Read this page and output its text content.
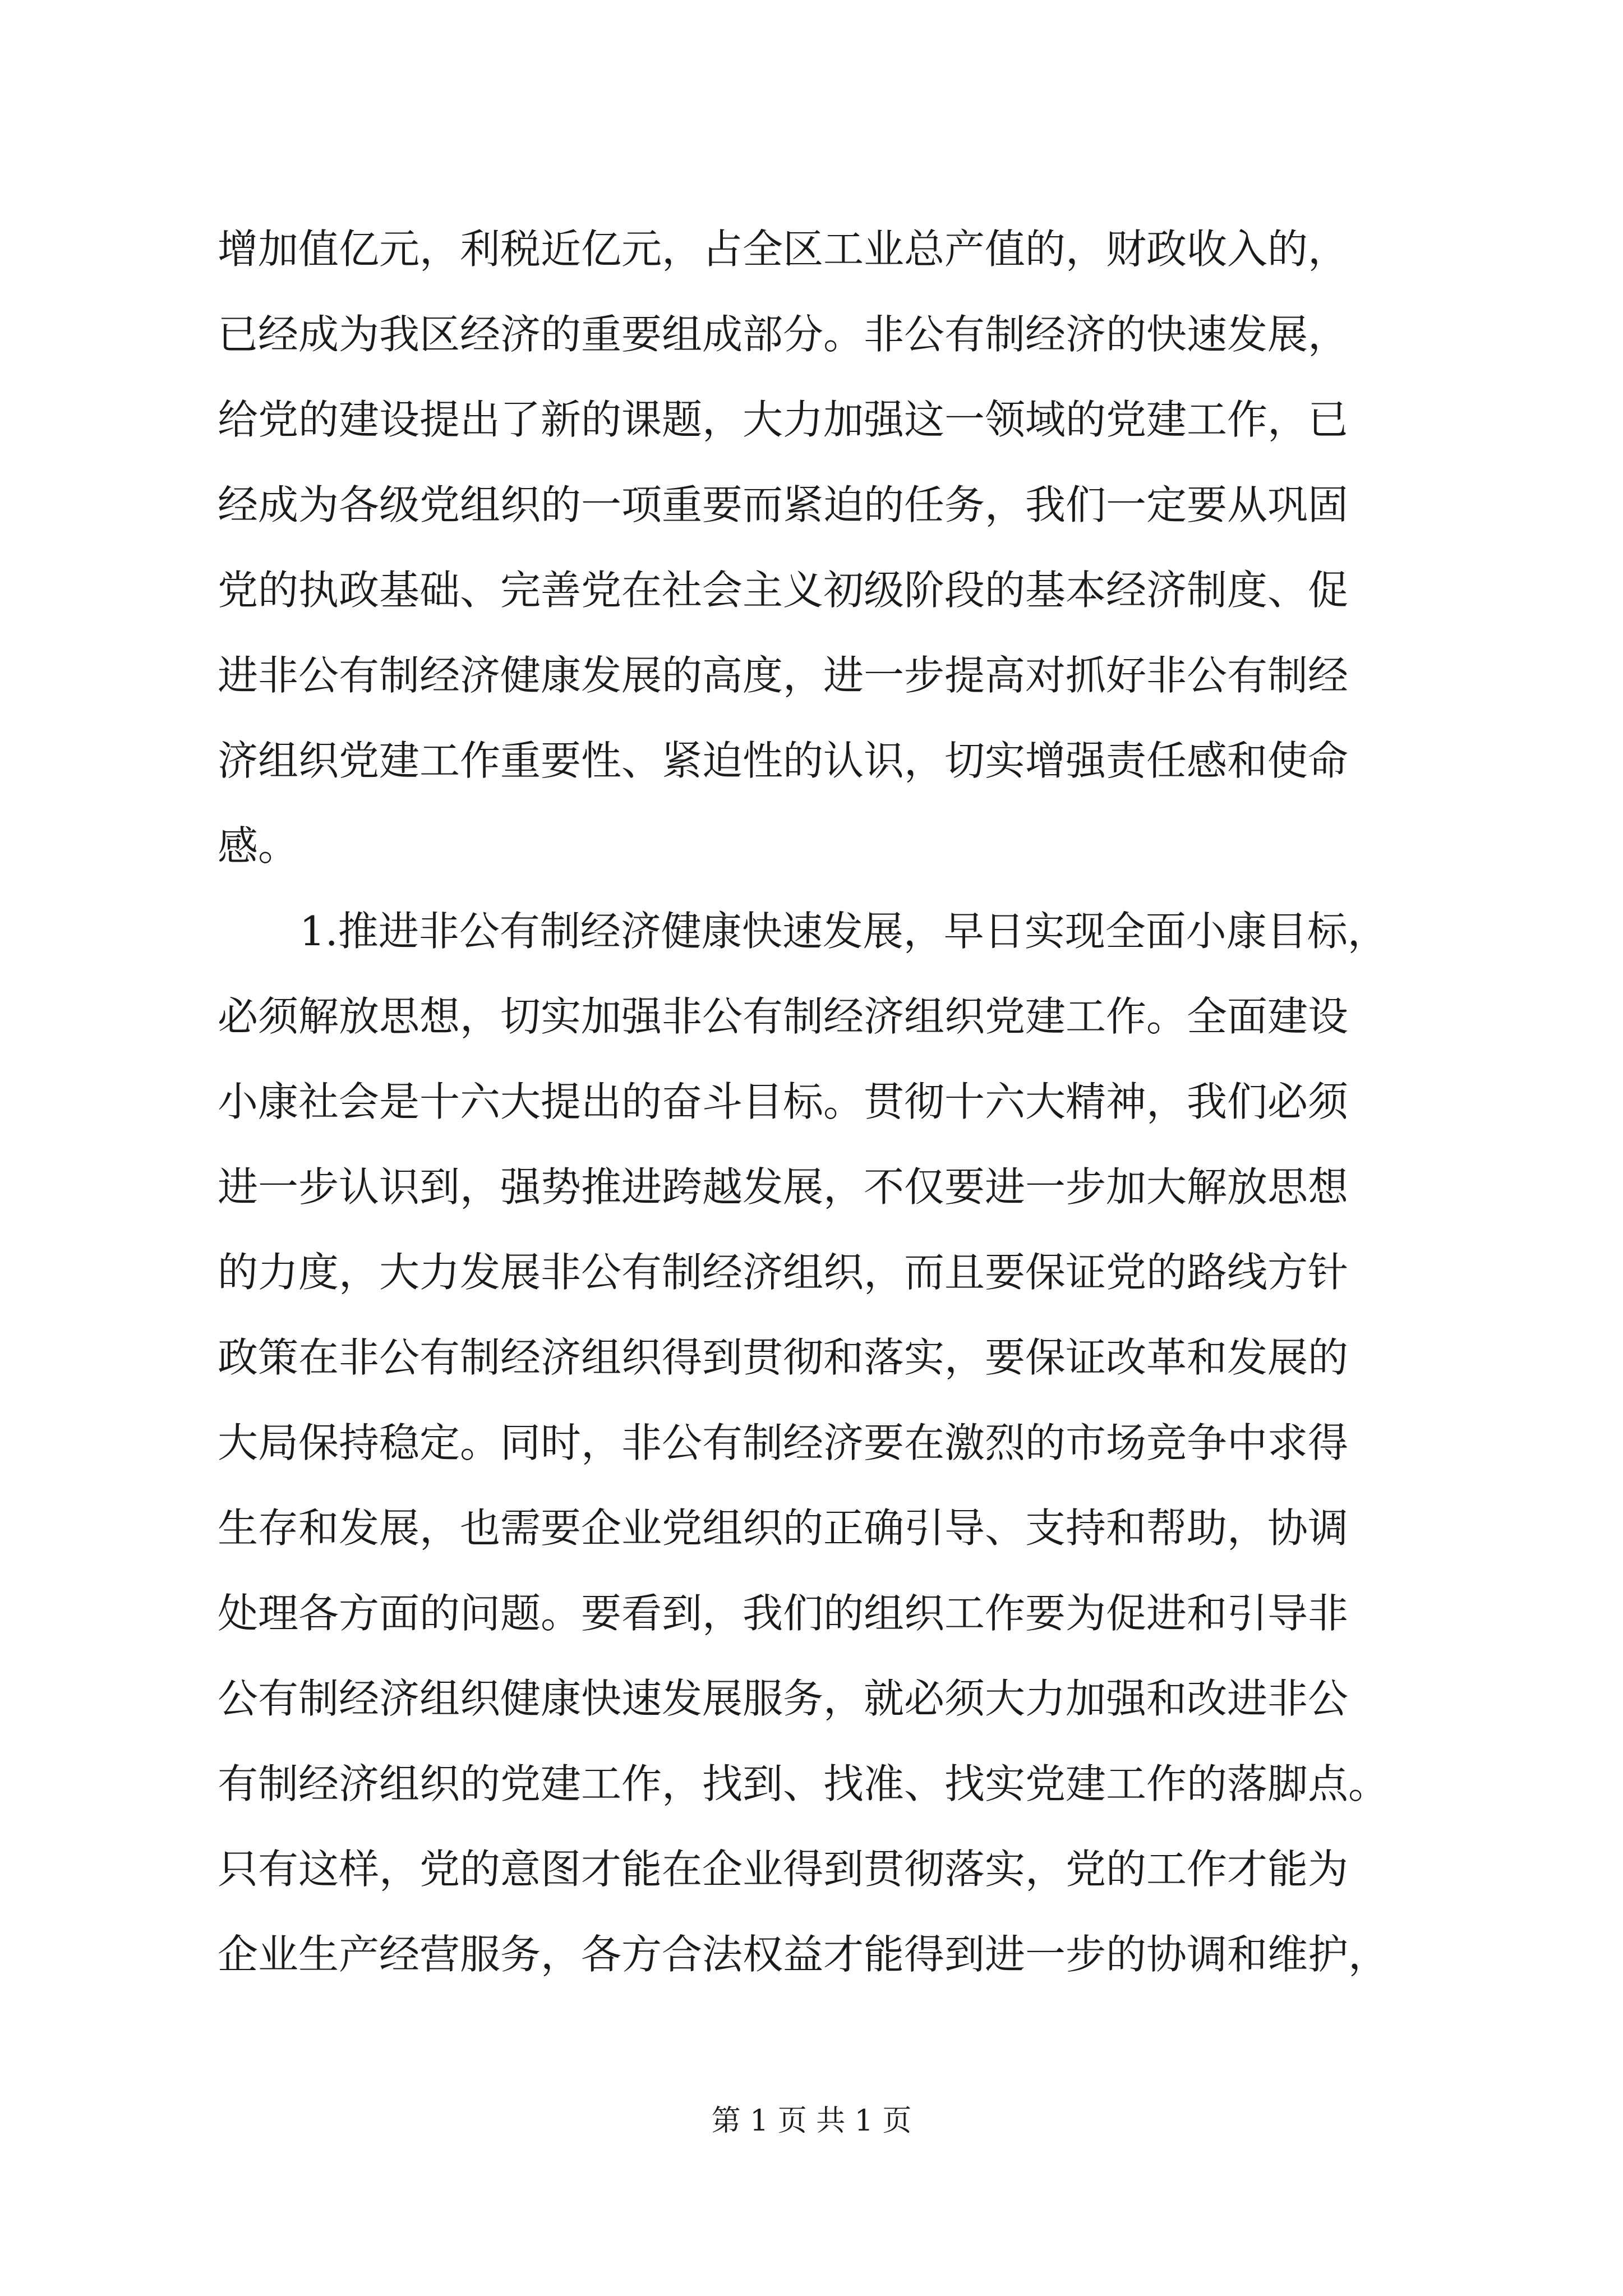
增加值亿元，利税近亿元，占全区工业总产值的，财政收入的，
已经成为我区经济的重要组成部分。非公有制经济的快速发展，
给党的建设提出了新的课题，大力加强这一领域的党建工作，已
经成为各级党组织的一项重要而紧迫的任务，我们一定要从巩固
党的执政基础、完善党在社会主义初级阶段的基本经济制度、促
进非公有制经济健康发展的高度，进一步提高对抓好非公有制经
济组织党建工作重要性、紧迫性的认识，切实增强责任感和使命
感。
1.推进非公有制经济健康快速发展，早日实现全面小康目标，
必须解放思想，切实加强非公有制经济组织党建工作。全面建设
小康社会是十六大提出的奋斗目标。贯彻十六大精神，我们必须
进一步认识到，强势推进跨越发展，不仅要进一步加大解放思想
的力度，大力发展非公有制经济组织，而且要保证党的路线方针
政策在非公有制经济组织得到贯彻和落实，要保证改革和发展的
大局保持稳定。同时，非公有制经济要在激烈的市场竞争中求得
生存和发展，也需要企业党组织的正确引导、支持和帮助，协调
处理各方面的问题。要看到，我们的组织工作要为促进和引导非
公有制经济组织健康快速发展服务，就必须大力加强和改进非公
有制经济组织的党建工作，找到、找准、找实党建工作的落脚点。
只有这样，党的意图才能在企业得到贯彻落实，党的工作才能为
企业生产经营服务，各方合法权益才能得到进一步的协调和维护，
第 1 页 共 1 页
